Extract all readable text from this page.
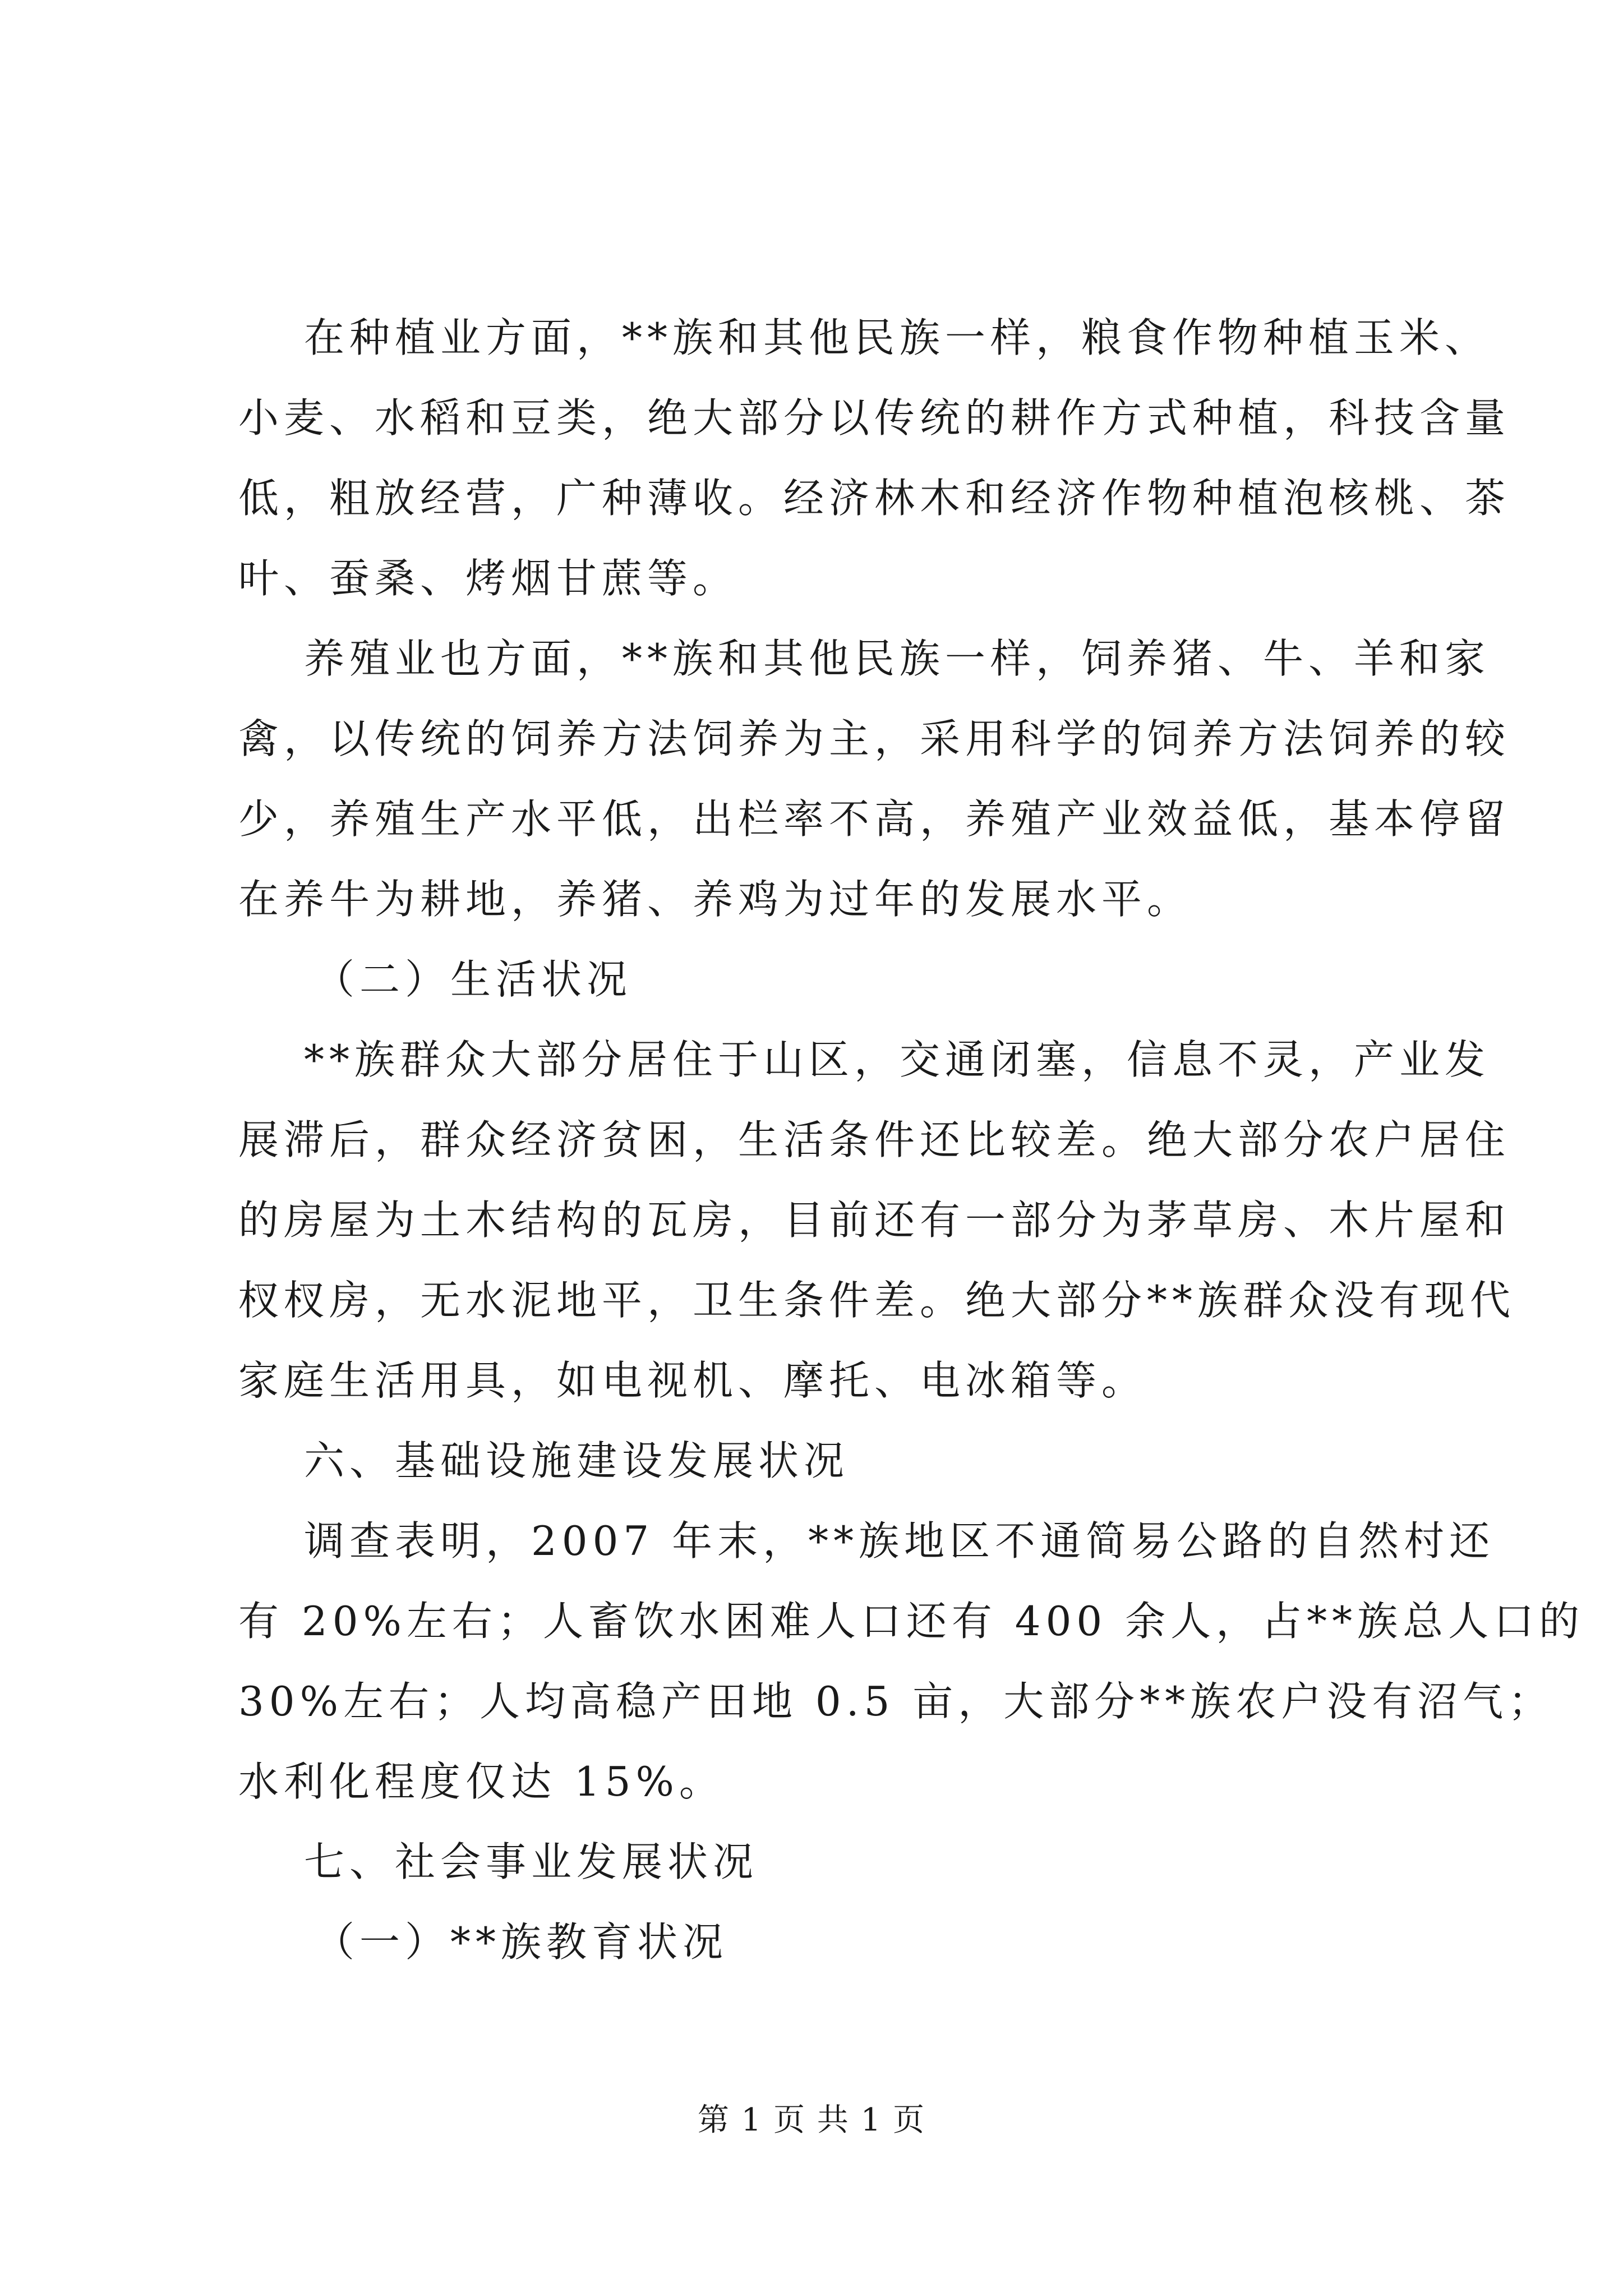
在种植业方面，**族和其他民族一样，粮食作物种植玉米、
小麦、水稻和豆类，绝大部分以传统的耕作方式种植，科技含量
低，粗放经营，广种薄收。经济林木和经济作物种植泡核桃、茶
叶、蚕桑、烤烟甘蔗等。
养殖业也方面，**族和其他民族一样，饲养猪、牛、羊和家
禽，以传统的饲养方法饲养为主，采用科学的饲养方法饲养的较
少，养殖生产水平低，出栏率不高，养殖产业效益低，基本停留
在养牛为耕地，养猪、养鸡为过年的发展水平。
（二）生活状况
**族群众大部分居住于山区，交通闭塞，信息不灵，产业发
展滞后，群众经济贫困，生活条件还比较差。绝大部分农户居住
的房屋为土木结构的瓦房，目前还有一部分为茅草房、木片屋和
杈杈房，无水泥地平，卫生条件差。绝大部分**族群众没有现代
家庭生活用具，如电视机、摩托、电冰箱等。
六、基础设施建设发展状况
调查表明，2007 年末，**族地区不通简易公路的自然村还
有 20%左右；人畜饮水困难人口还有 400 余人，占**族总人口的
30%左右；人均高稳产田地 0.5 亩，大部分**族农户没有沼气；
水利化程度仅达 15%。
七、社会事业发展状况
（一）**族教育状况
第 1 页 共 1 页
